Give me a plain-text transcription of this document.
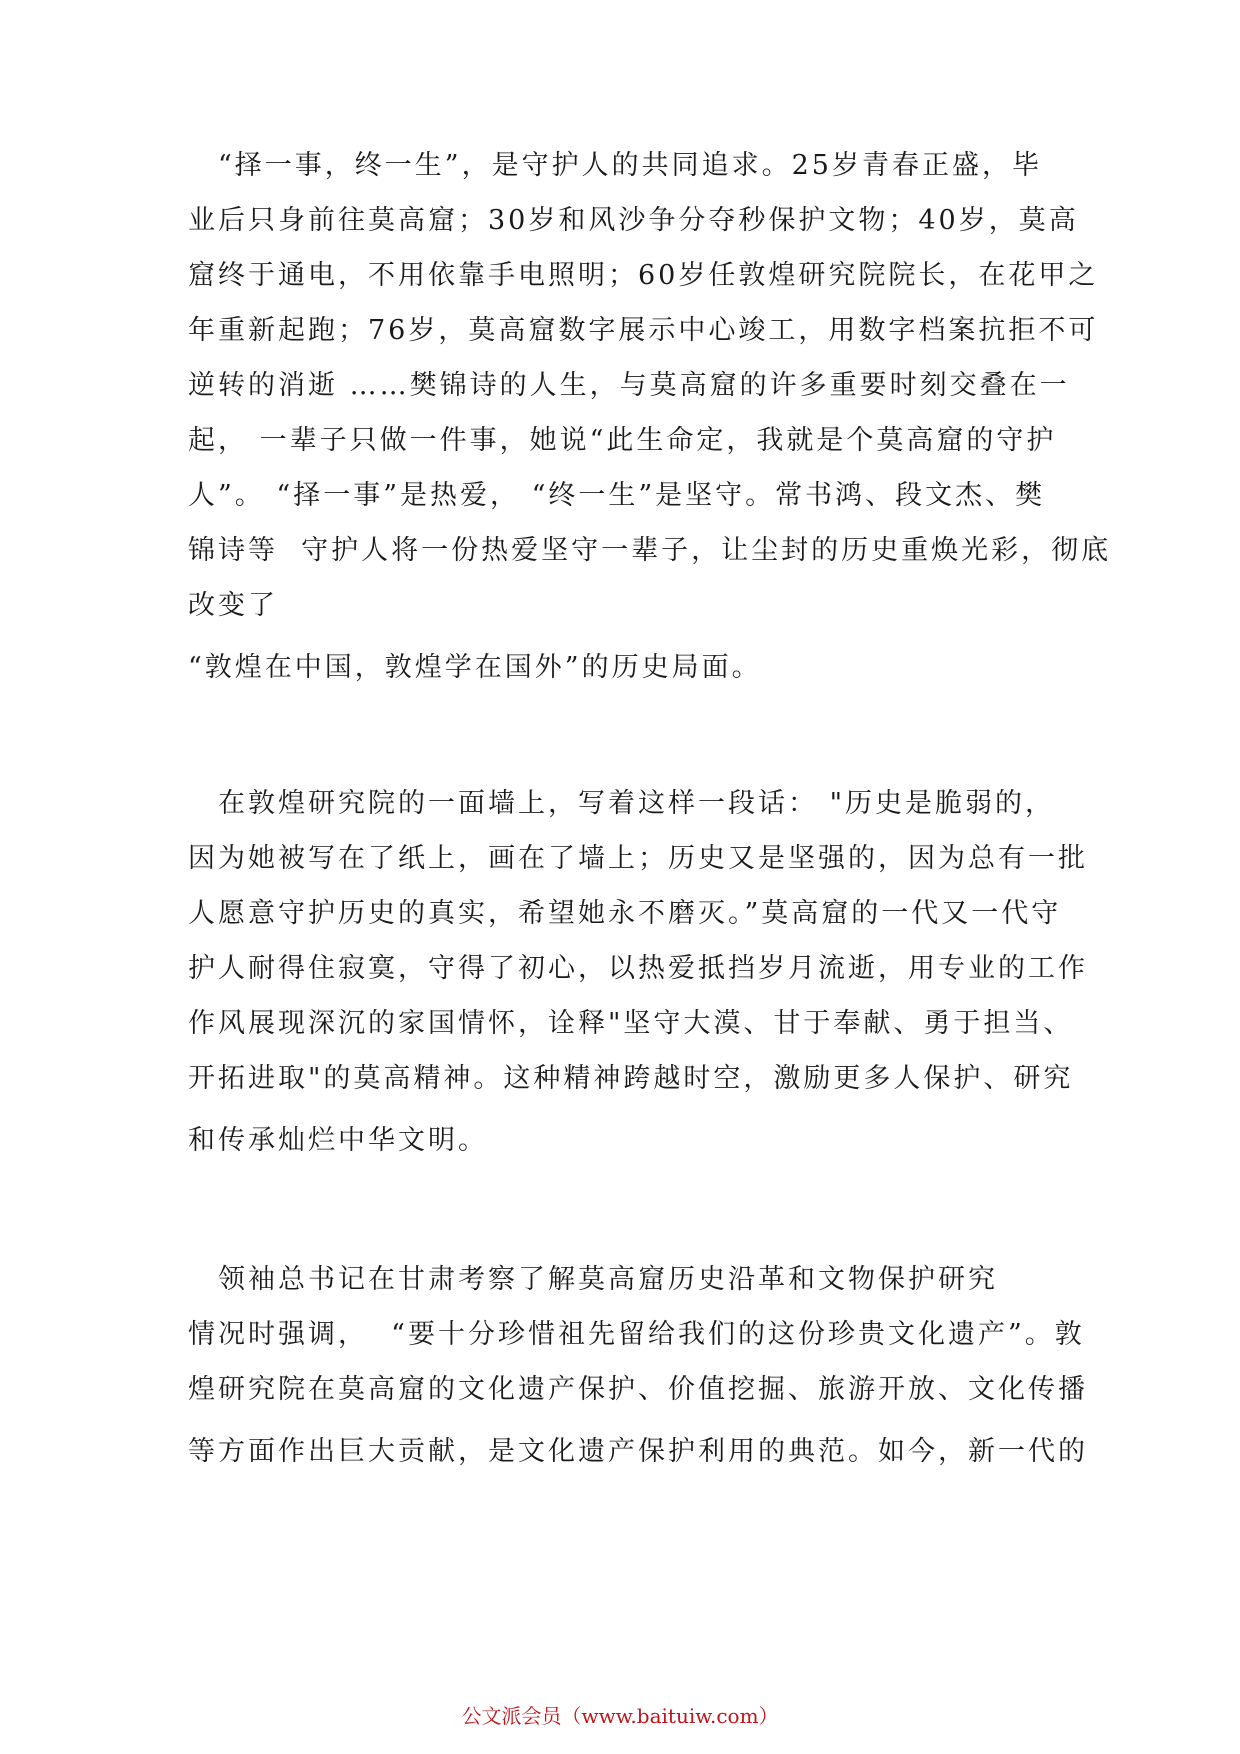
“择一事，终一生”，是守护人的共同追求。25岁青春正盛，毕
业后只身前往莫高窟；30岁和风沙争分夺秒保护文物；40岁，莫高
窟终于通电，不用依靠手电照明；60岁任敦煌研究院院长，在花甲之
年重新起跑；76岁，莫高窟数字展示中心竣工，用数字档案抗拒不可
逆转的消逝 ……樊锦诗的人生，与莫高窟的许多重要时刻交叠在一
起， 一辈子只做一件事，她说“此生命定，我就是个莫高窟的守护
人”。 “择一事”是热爱， “终一生”是坚守。常书鸿、段文杰、樊
锦诗等  守护人将一份热爱坚守一辈子，让尘封的历史重焕光彩，彻底
改变了
“敦煌在中国，敦煌学在国外”的历史局面。
在敦煌研究院的一面墙上，写着这样一段话： "历史是脆弱的，
因为她被写在了纸上，画在了墙上；历史又是坚强的，因为总有一批
人愿意守护历史的真实，希望她永不磨灭。”莫高窟的一代又一代守
护人耐得住寂寞，守得了初心，以热爱抵挡岁月流逝，用专业的工作
作风展现深沉的家国情怀，诠释"坚守大漠、甘于奉献、勇于担当、
开拓进取"的莫高精神。这种精神跨越时空，激励更多人保护、研究
和传承灿烂中华文明。
领袖总书记在甘肃考察了解莫高窟历史沿革和文物保护研究
情况时强调，  “要十分珍惜祖先留给我们的这份珍贵文化遗产”。敦
煌研究院在莫高窟的文化遗产保护、价值挖掘、旅游开放、文化传播
等方面作出巨大贡献，是文化遗产保护利用的典范。如今，新一代的
公文派会员（www.baituiw.com）
